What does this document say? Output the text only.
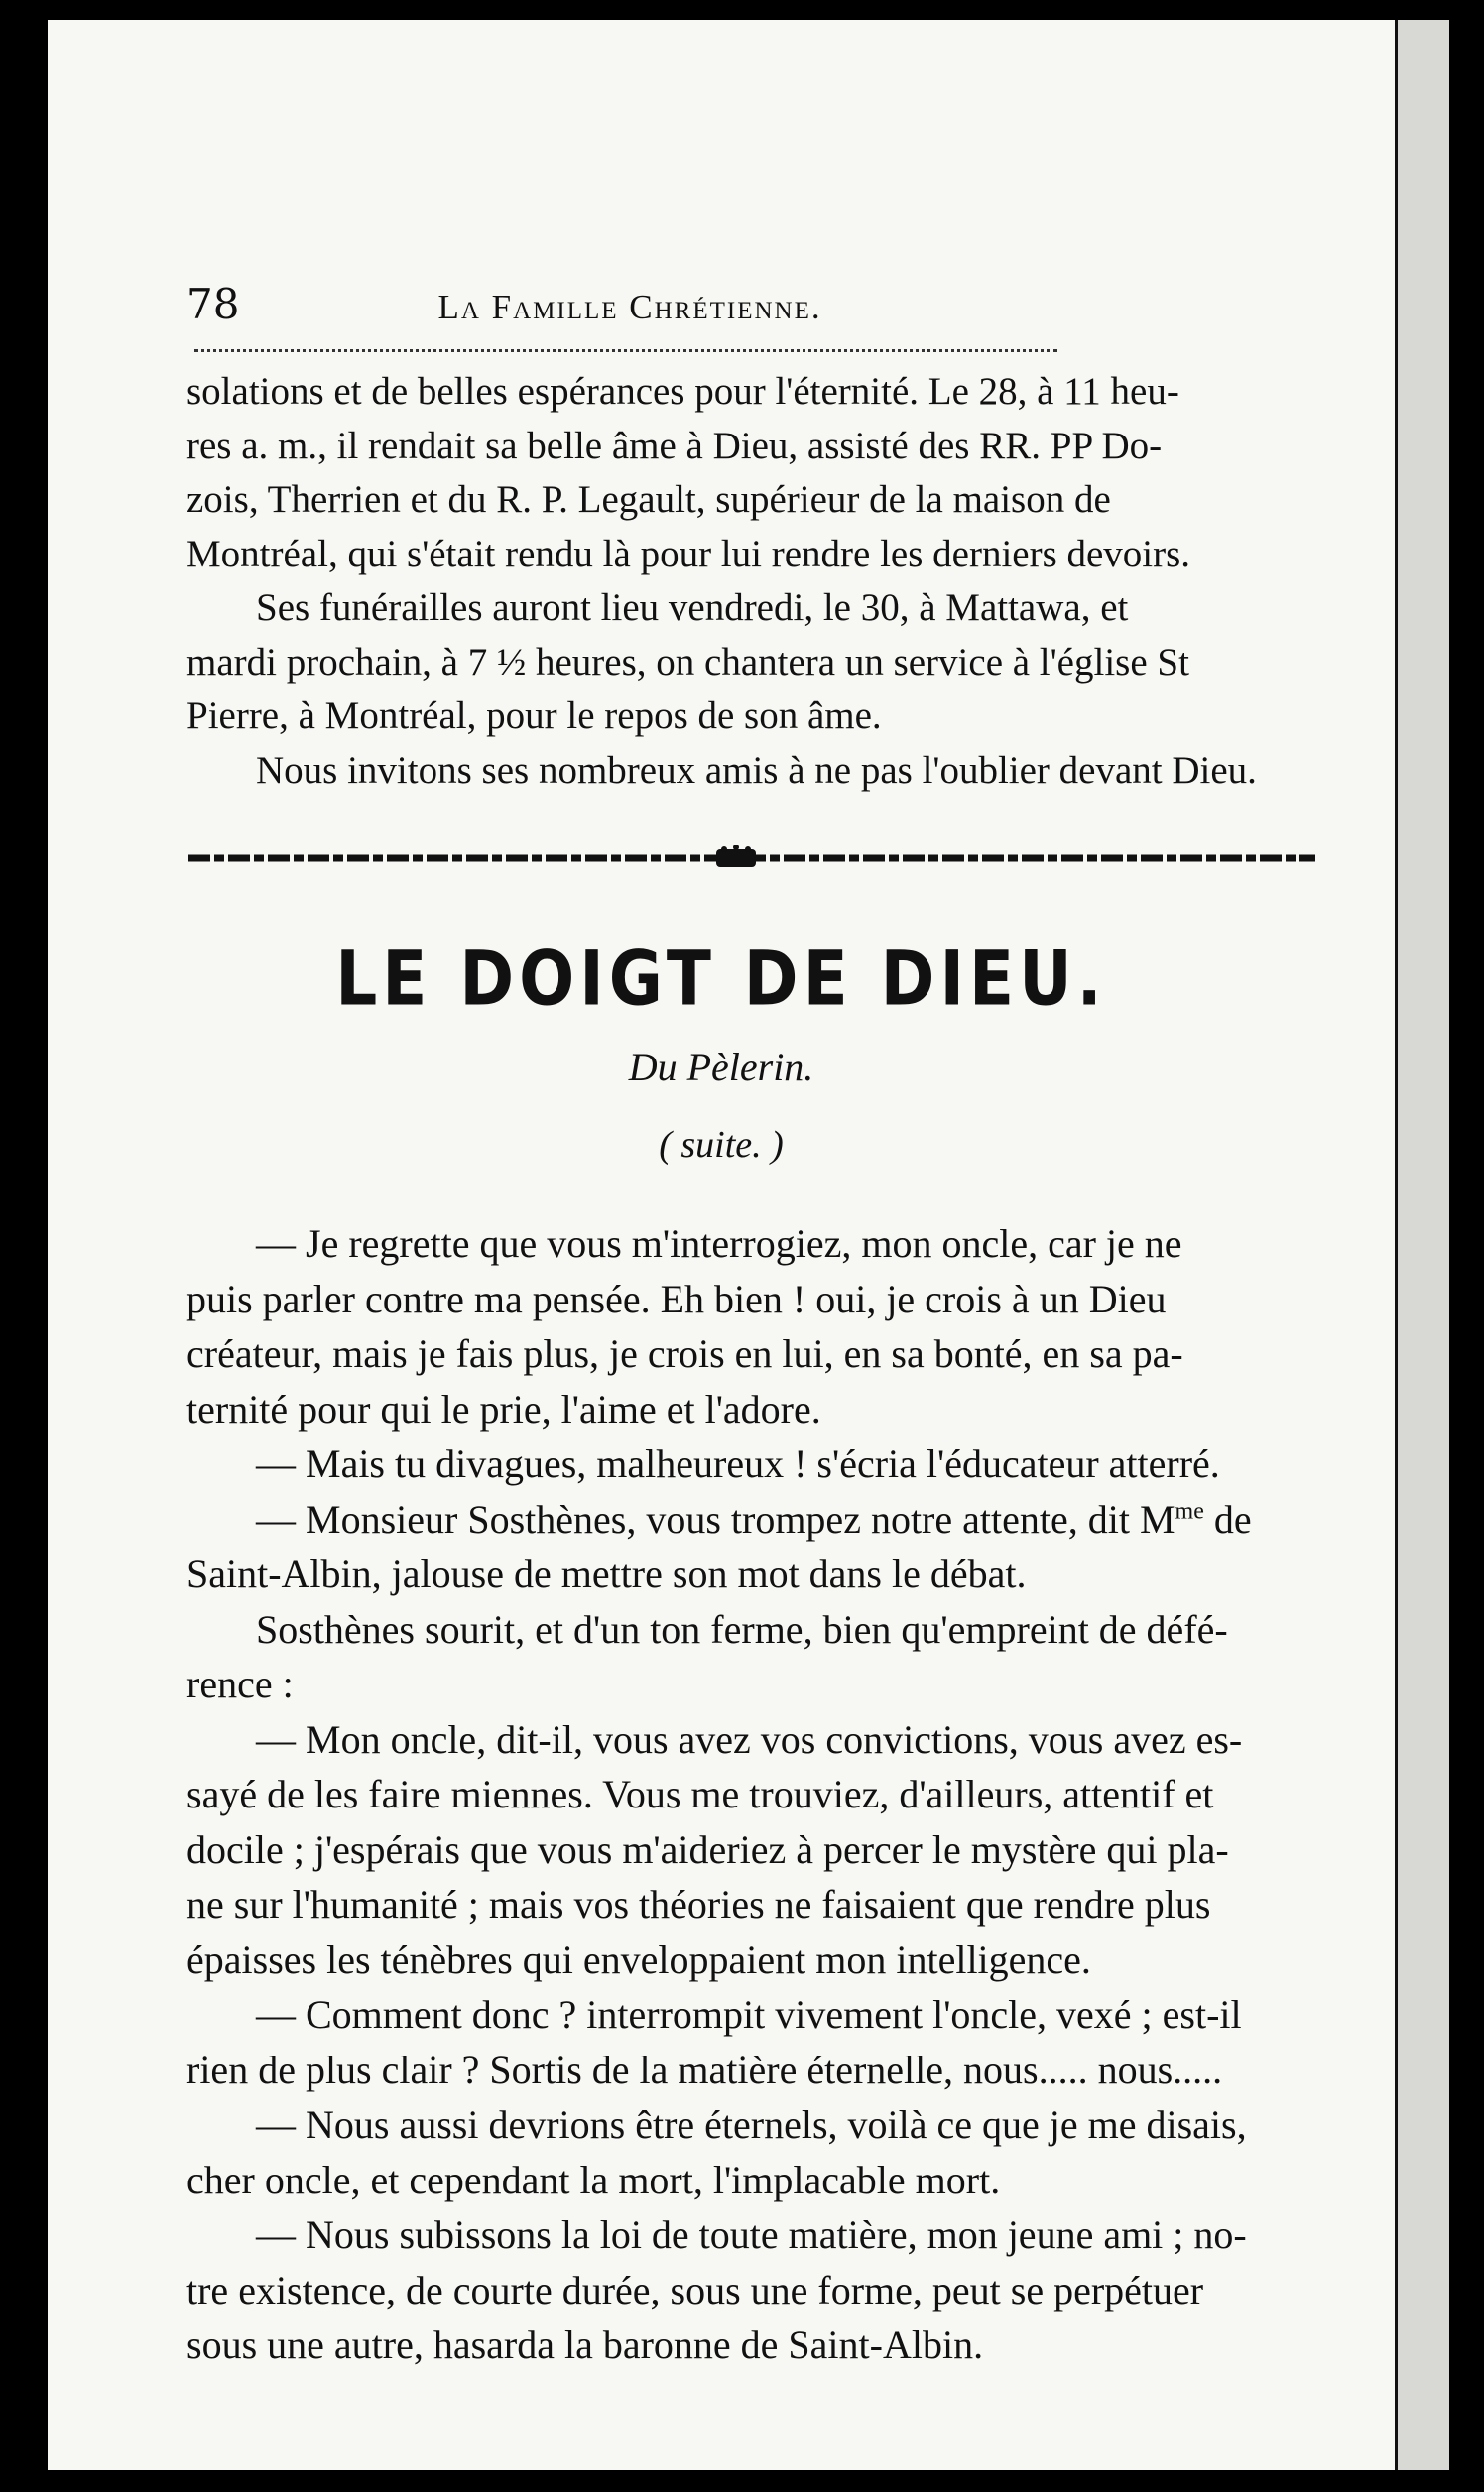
78	La Famille Chrétienne.

solations et de belles espérances pour l'éternité. Le 28, à 11 heu-

res a. m., il rendait sa belle âme à Dieu, assisté des RR. PP Do-

zois, Therrien et du R. P. Legault, supérieur de la maison de

Montréal, qui s'était rendu là pour lui rendre les derniers devoirs.

Ses funérailles auront lieu vendredi, le 30, à Mattawa, et

mardi prochain, à 7 ½ heures, on chantera un service à l'église St

Pierre, à Montréal, pour le repos de son âme.

Nous invitons ses nombreux amis à ne pas l'oublier devant Dieu.

LE DOIGT DE DIEU.
Du Pèlerin.
( suite. )

— Je regrette que vous m'interrogiez, mon oncle, car je ne

puis parler contre ma pensée. Eh bien ! oui, je crois à un Dieu

créateur, mais je fais plus, je crois en lui, en sa bonté, en sa pa-

ternité pour qui le prie, l'aime et l'adore.

— Mais tu divagues, malheureux ! s'écria l'éducateur atterré.

— Monsieur Sosthènes, vous trompez notre attente, dit $M^{me}$ de

Saint-Albin, jalouse de mettre son mot dans le débat.

Sosthènes sourit, et d'un ton ferme, bien qu'empreint de défé-

rence :

— Mon oncle, dit-il, vous avez vos convictions, vous avez es-

sayé de les faire miennes. Vous me trouviez, d'ailleurs, attentif et

docile ; j'espérais que vous m'aideriez à percer le mystère qui pla-

ne sur l'humanité ; mais vos théories ne faisaient que rendre plus

épaisses les ténèbres qui enveloppaient mon intelligence.

— Comment donc ? interrompit vivement l'oncle, vexé ; est-il

rien de plus clair ? Sortis de la matière éternelle, nous..... nous.....

— Nous aussi devrions être éternels, voilà ce que je me disais,

cher oncle, et cependant la mort, l'implacable mort.

— Nous subissons la loi de toute matière, mon jeune ami ; no-

tre existence, de courte durée, sous une forme, peut se perpétuer

sous une autre, hasarda la baronne de Saint-Albin.
